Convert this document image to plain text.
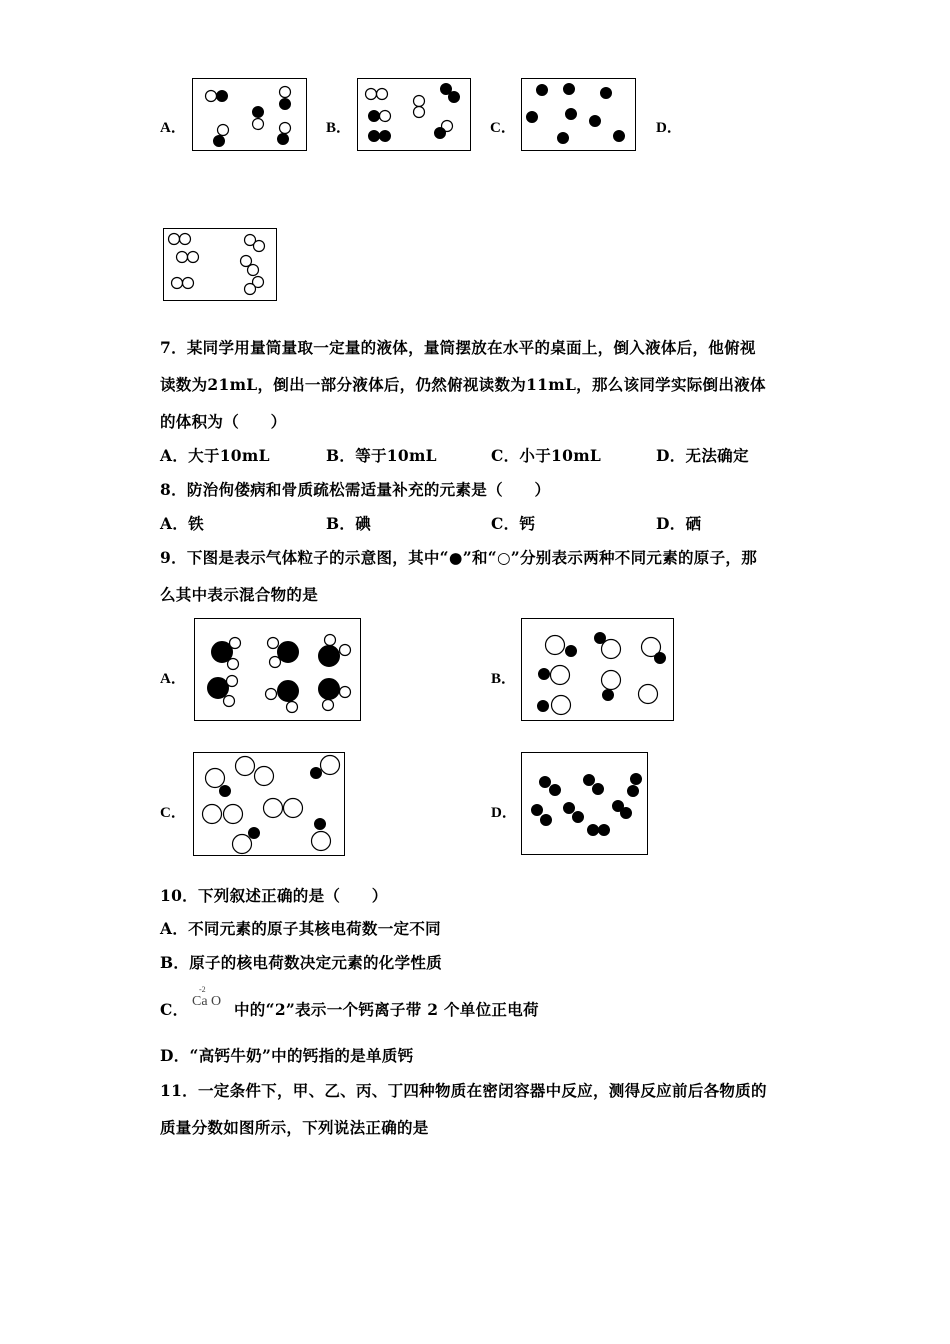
A．	B．	C．	D．
7．某同学用量筒量取一定量的液体，量筒摆放在水平的桌面上，倒入液体后，他俯视
读数为21mL，倒出一部分液体后，仍然俯视读数为11mL，那么该同学实际倒出液体
的体积为（　　）
A．大于10mL	B．等于10mL	C．小于10mL	D．无法确定
8．防治佝偻病和骨质疏松需适量补充的元素是（　　）
A．铁	B．碘	C．钙	D．硒
9．下图是表示气体粒子的示意图，其中“●”和“○”分别表示两种不同元素的原子，那
么其中表示混合物的是
A．	B．
C．	D．
10．下列叙述正确的是（　　）
A．不同元素的原子其核电荷数一定不同
B．原子的核电荷数决定元素的化学性质
C．
-2
Ca O 中的“2”表示一个钙离子带 2 个单位正电荷
D．“高钙牛奶”中的钙指的是单质钙
11．一定条件下，甲、乙、丙、丁四种物质在密闭容器中反应，测得反应前后各物质的
质量分数如图所示，下列说法正确的是
